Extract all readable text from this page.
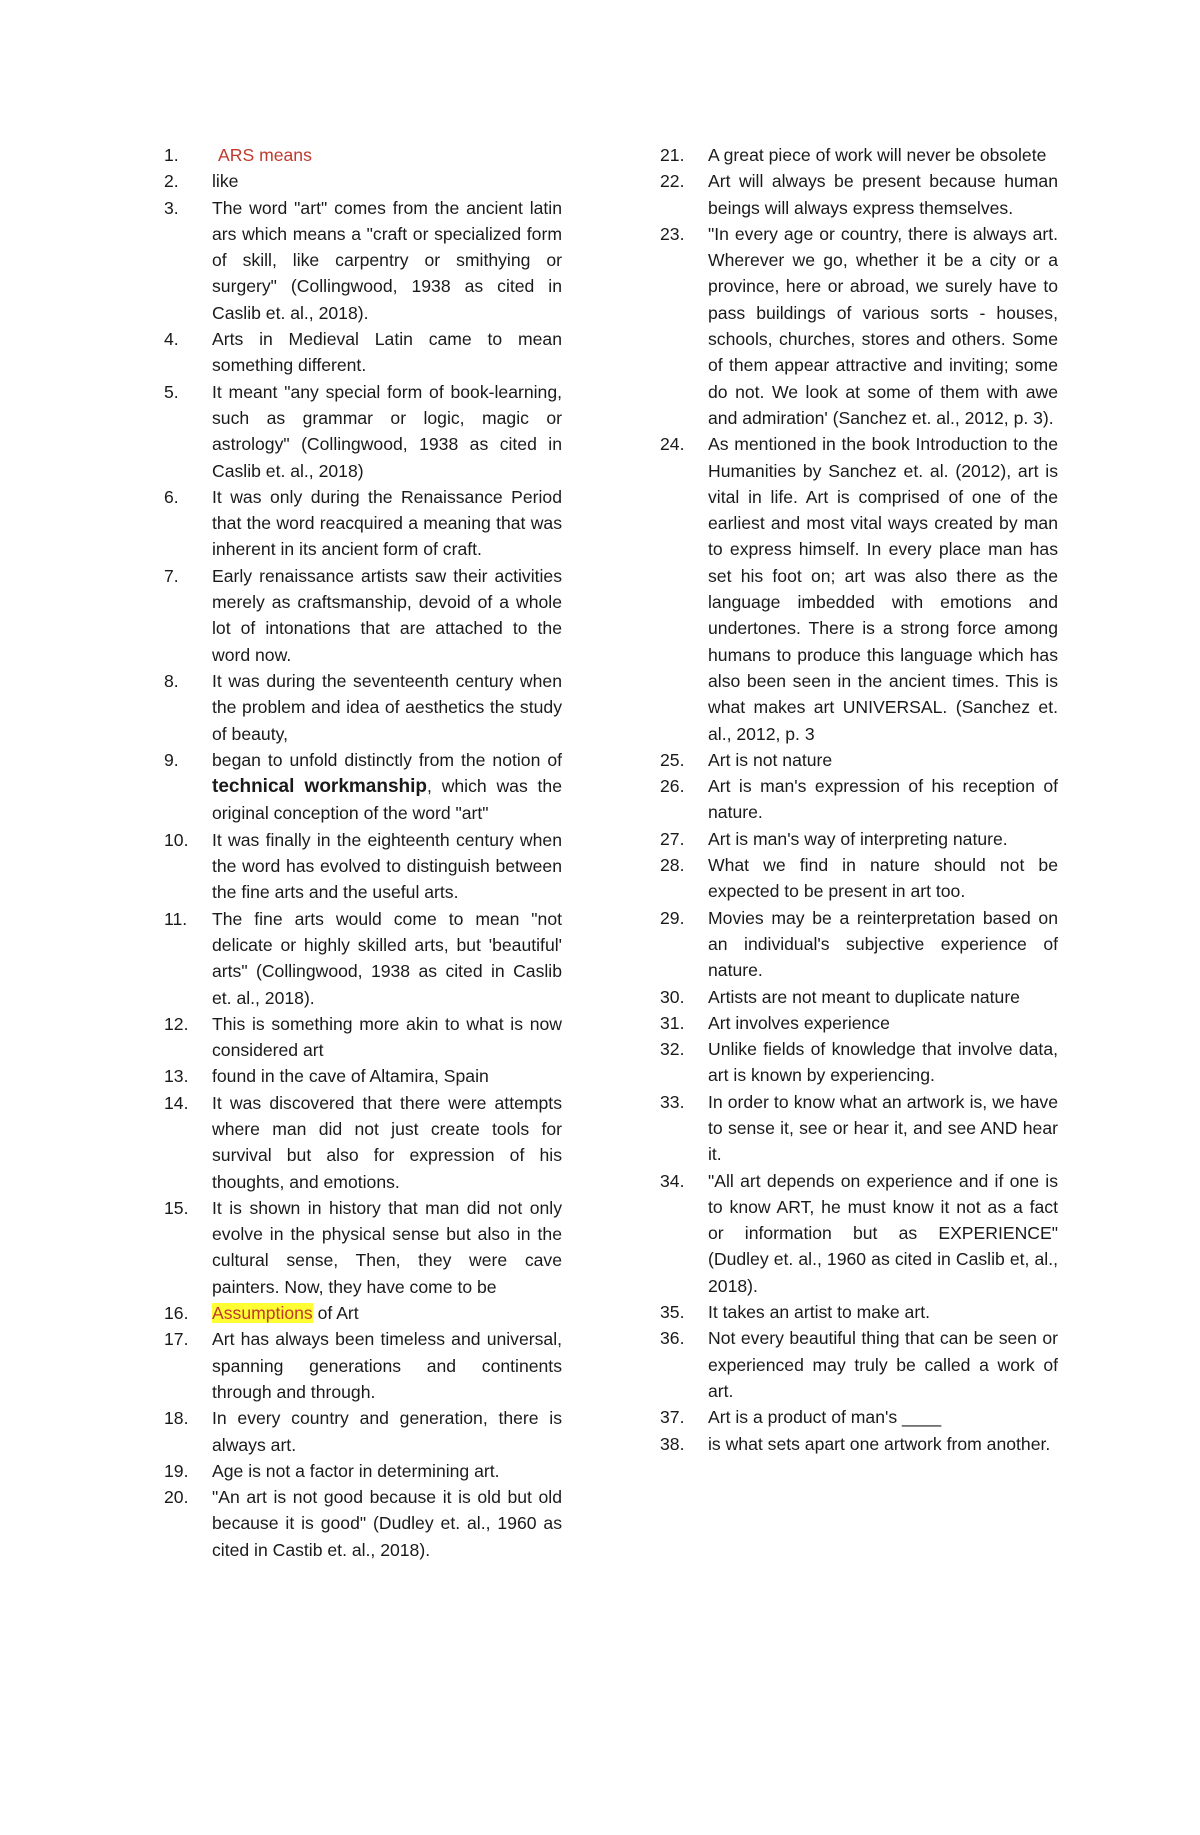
1.	ARS means
2.	like
3.	The word "art" comes from the ancient latin ars which means a "craft or specialized form of skill, like carpentry or smithying or surgery" (Collingwood, 1938 as cited in Caslib et. al., 2018).
4.	Arts in Medieval Latin came to mean something different.
5.	It meant "any special form of book-learning, such as grammar or logic, magic or astrology" (Collingwood, 1938 as cited in Caslib et. al., 2018)
6.	It was only during the Renaissance Period that the word reacquired a meaning that was inherent in its ancient form of craft.
7.	Early renaissance artists saw their activities merely as craftsmanship, devoid of a whole lot of intonations that are attached to the word now.
8.	It was during the seventeenth century when the problem and idea of aesthetics the study of beauty,
9.	began to unfold distinctly from the notion of technical workmanship, which was the original conception of the word "art"
10.	It was finally in the eighteenth century when the word has evolved to distinguish between the fine arts and the useful arts.
11.	The fine arts would come to mean "not delicate or highly skilled arts, but 'beautiful' arts" (Collingwood, 1938 as cited in Caslib et. al., 2018).
12.	This is something more akin to what is now considered art
13.	found in the cave of Altamira, Spain
14.	It was discovered that there were attempts where man did not just create tools for survival but also for expression of his thoughts, and emotions.
15.	It is shown in history that man did not only evolve in the physical sense but also in the cultural sense, Then, they were cave painters. Now, they have come to be
16.	Assumptions of Art
17.	Art has always been timeless and universal, spanning generations and continents through and through.
18.	In every country and generation, there is always art.
19.	Age is not a factor in determining art.
20.	"An art is not good because it is old but old because it is good" (Dudley et. al., 1960 as cited in Castib et. al., 2018).
21.	A great piece of work will never be obsolete
22.	Art will always be present because human beings will always express themselves.
23.	"In every age or country, there is always art. Wherever we go, whether it be a city or a province, here or abroad, we surely have to pass buildings of various sorts - houses, schools, churches, stores and others. Some of them appear attractive and inviting; some do not. We look at some of them with awe and admiration' (Sanchez et. al., 2012, p. 3).
24.	As mentioned in the book Introduction to the Humanities by Sanchez et. al. (2012), art is vital in life. Art is comprised of one of the earliest and most vital ways created by man to express himself. In every place man has set his foot on; art was also there as the language imbedded with emotions and undertones. There is a strong force among humans to produce this language which has also been seen in the ancient times. This is what makes art UNIVERSAL. (Sanchez et. al., 2012, p. 3
25.	Art is not nature
26.	Art is man's expression of his reception of nature.
27.	Art is man's way of interpreting nature.
28.	What we find in nature should not be expected to be present in art too.
29.	Movies may be a reinterpretation based on an individual's subjective experience of nature.
30.	Artists are not meant to duplicate nature
31.	Art involves experience
32.	Unlike fields of knowledge that involve data, art is known by experiencing.
33.	In order to know what an artwork is, we have to sense it, see or hear it, and see AND hear it.
34.	"All art depends on experience and if one is to know ART, he must know it not as a fact or information but as EXPERIENCE" (Dudley et. al., 1960 as cited in Caslib et, al., 2018).
35.	It takes an artist to make art.
36.	Not every beautiful thing that can be seen or experienced may truly be called a work of art.
37.	Art is a product of man's ____
38.	is what sets apart one artwork from another.
